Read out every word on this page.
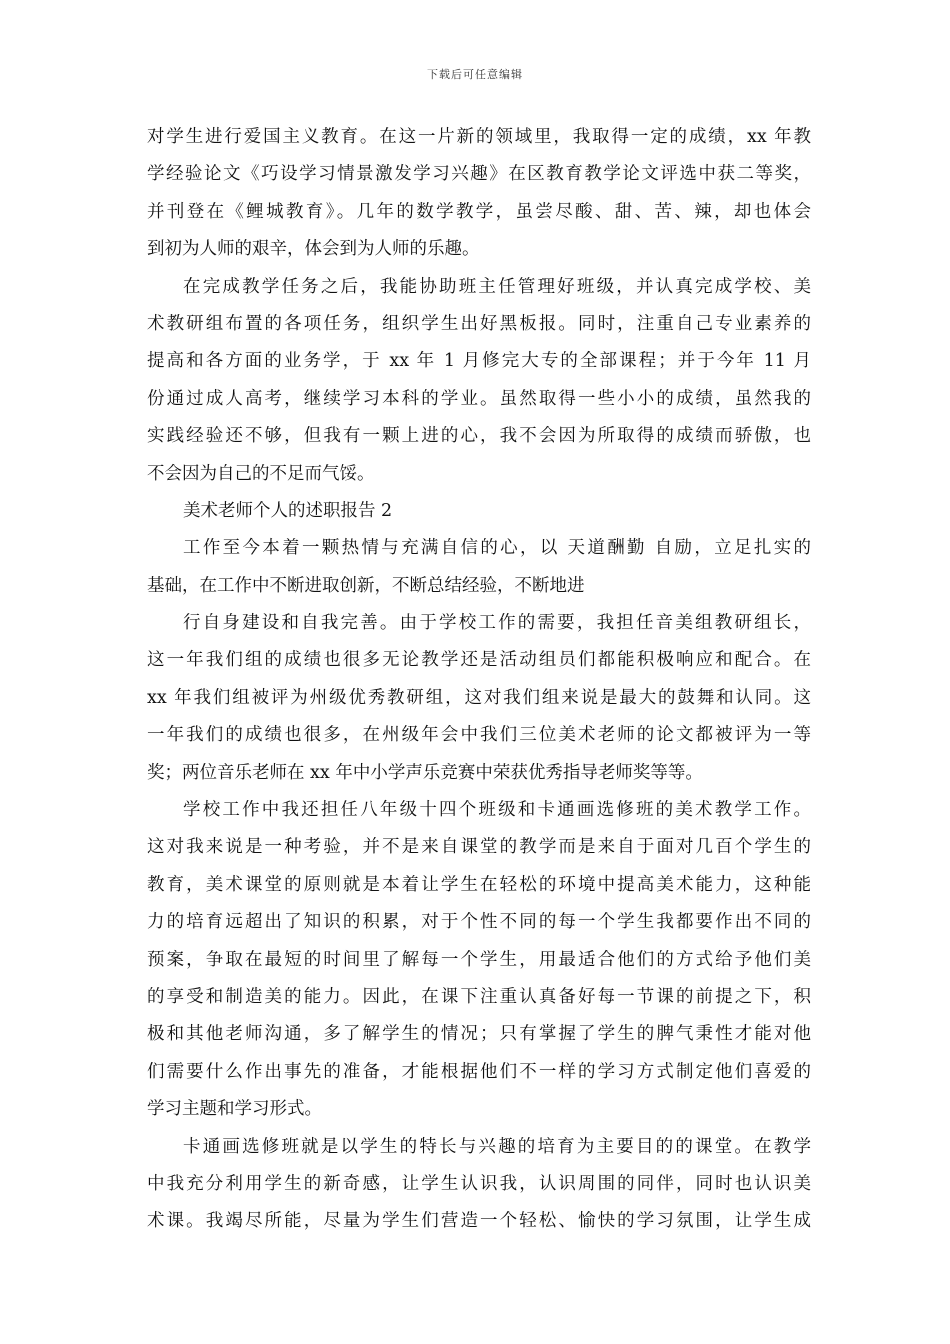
下载后可任意编辑
对学生进行爱国主义教育。在这一片新的领域里，我取得一定的成绩，xx 年教
学经验论文《巧设学习情景激发学习兴趣》在区教育教学论文评选中获二等奖，
并刊登在《鲤城教育》。几年的数学教学，虽尝尽酸、甜、苦、辣，却也体会
到初为人师的艰辛，体会到为人师的乐趣。
在完成教学任务之后，我能协助班主任管理好班级，并认真完成学校、美
术教研组布置的各项任务，组织学生出好黑板报。同时，注重自己专业素养的
提高和各方面的业务学，于 xx 年 1 月修完大专的全部课程；并于今年 11 月
份通过成人高考，继续学习本科的学业。虽然取得一些小小的成绩，虽然我的
实践经验还不够，但我有一颗上进的心，我不会因为所取得的成绩而骄傲，也
不会因为自己的不足而气馁。
美术老师个人的述职报告 2
工作至今本着一颗热情与充满自信的心，以 天道酬勤 自励，立足扎实的
基础，在工作中不断进取创新，不断总结经验，不断地进
行自身建设和自我完善。由于学校工作的需要，我担任音美组教研组长，
这一年我们组的成绩也很多无论教学还是活动组员们都能积极响应和配合。在
xx 年我们组被评为州级优秀教研组，这对我们组来说是最大的鼓舞和认同。这
一年我们的成绩也很多，在州级年会中我们三位美术老师的论文都被评为一等
奖；两位音乐老师在 xx 年中小学声乐竞赛中荣获优秀指导老师奖等等。
学校工作中我还担任八年级十四个班级和卡通画选修班的美术教学工作。
这对我来说是一种考验，并不是来自课堂的教学而是来自于面对几百个学生的
教育，美术课堂的原则就是本着让学生在轻松的环境中提高美术能力，这种能
力的培育远超出了知识的积累，对于个性不同的每一个学生我都要作出不同的
预案，争取在最短的时间里了解每一个学生，用最适合他们的方式给予他们美
的享受和制造美的能力。因此，在课下注重认真备好每一节课的前提之下，积
极和其他老师沟通，多了解学生的情况；只有掌握了学生的脾气秉性才能对他
们需要什么作出事先的准备，才能根据他们不一样的学习方式制定他们喜爱的
学习主题和学习形式。
卡通画选修班就是以学生的特长与兴趣的培育为主要目的的课堂。在教学
中我充分利用学生的新奇感，让学生认识我，认识周围的同伴，同时也认识美
术课。我竭尽所能，尽量为学生们营造一个轻松、愉快的学习氛围，让学生成
